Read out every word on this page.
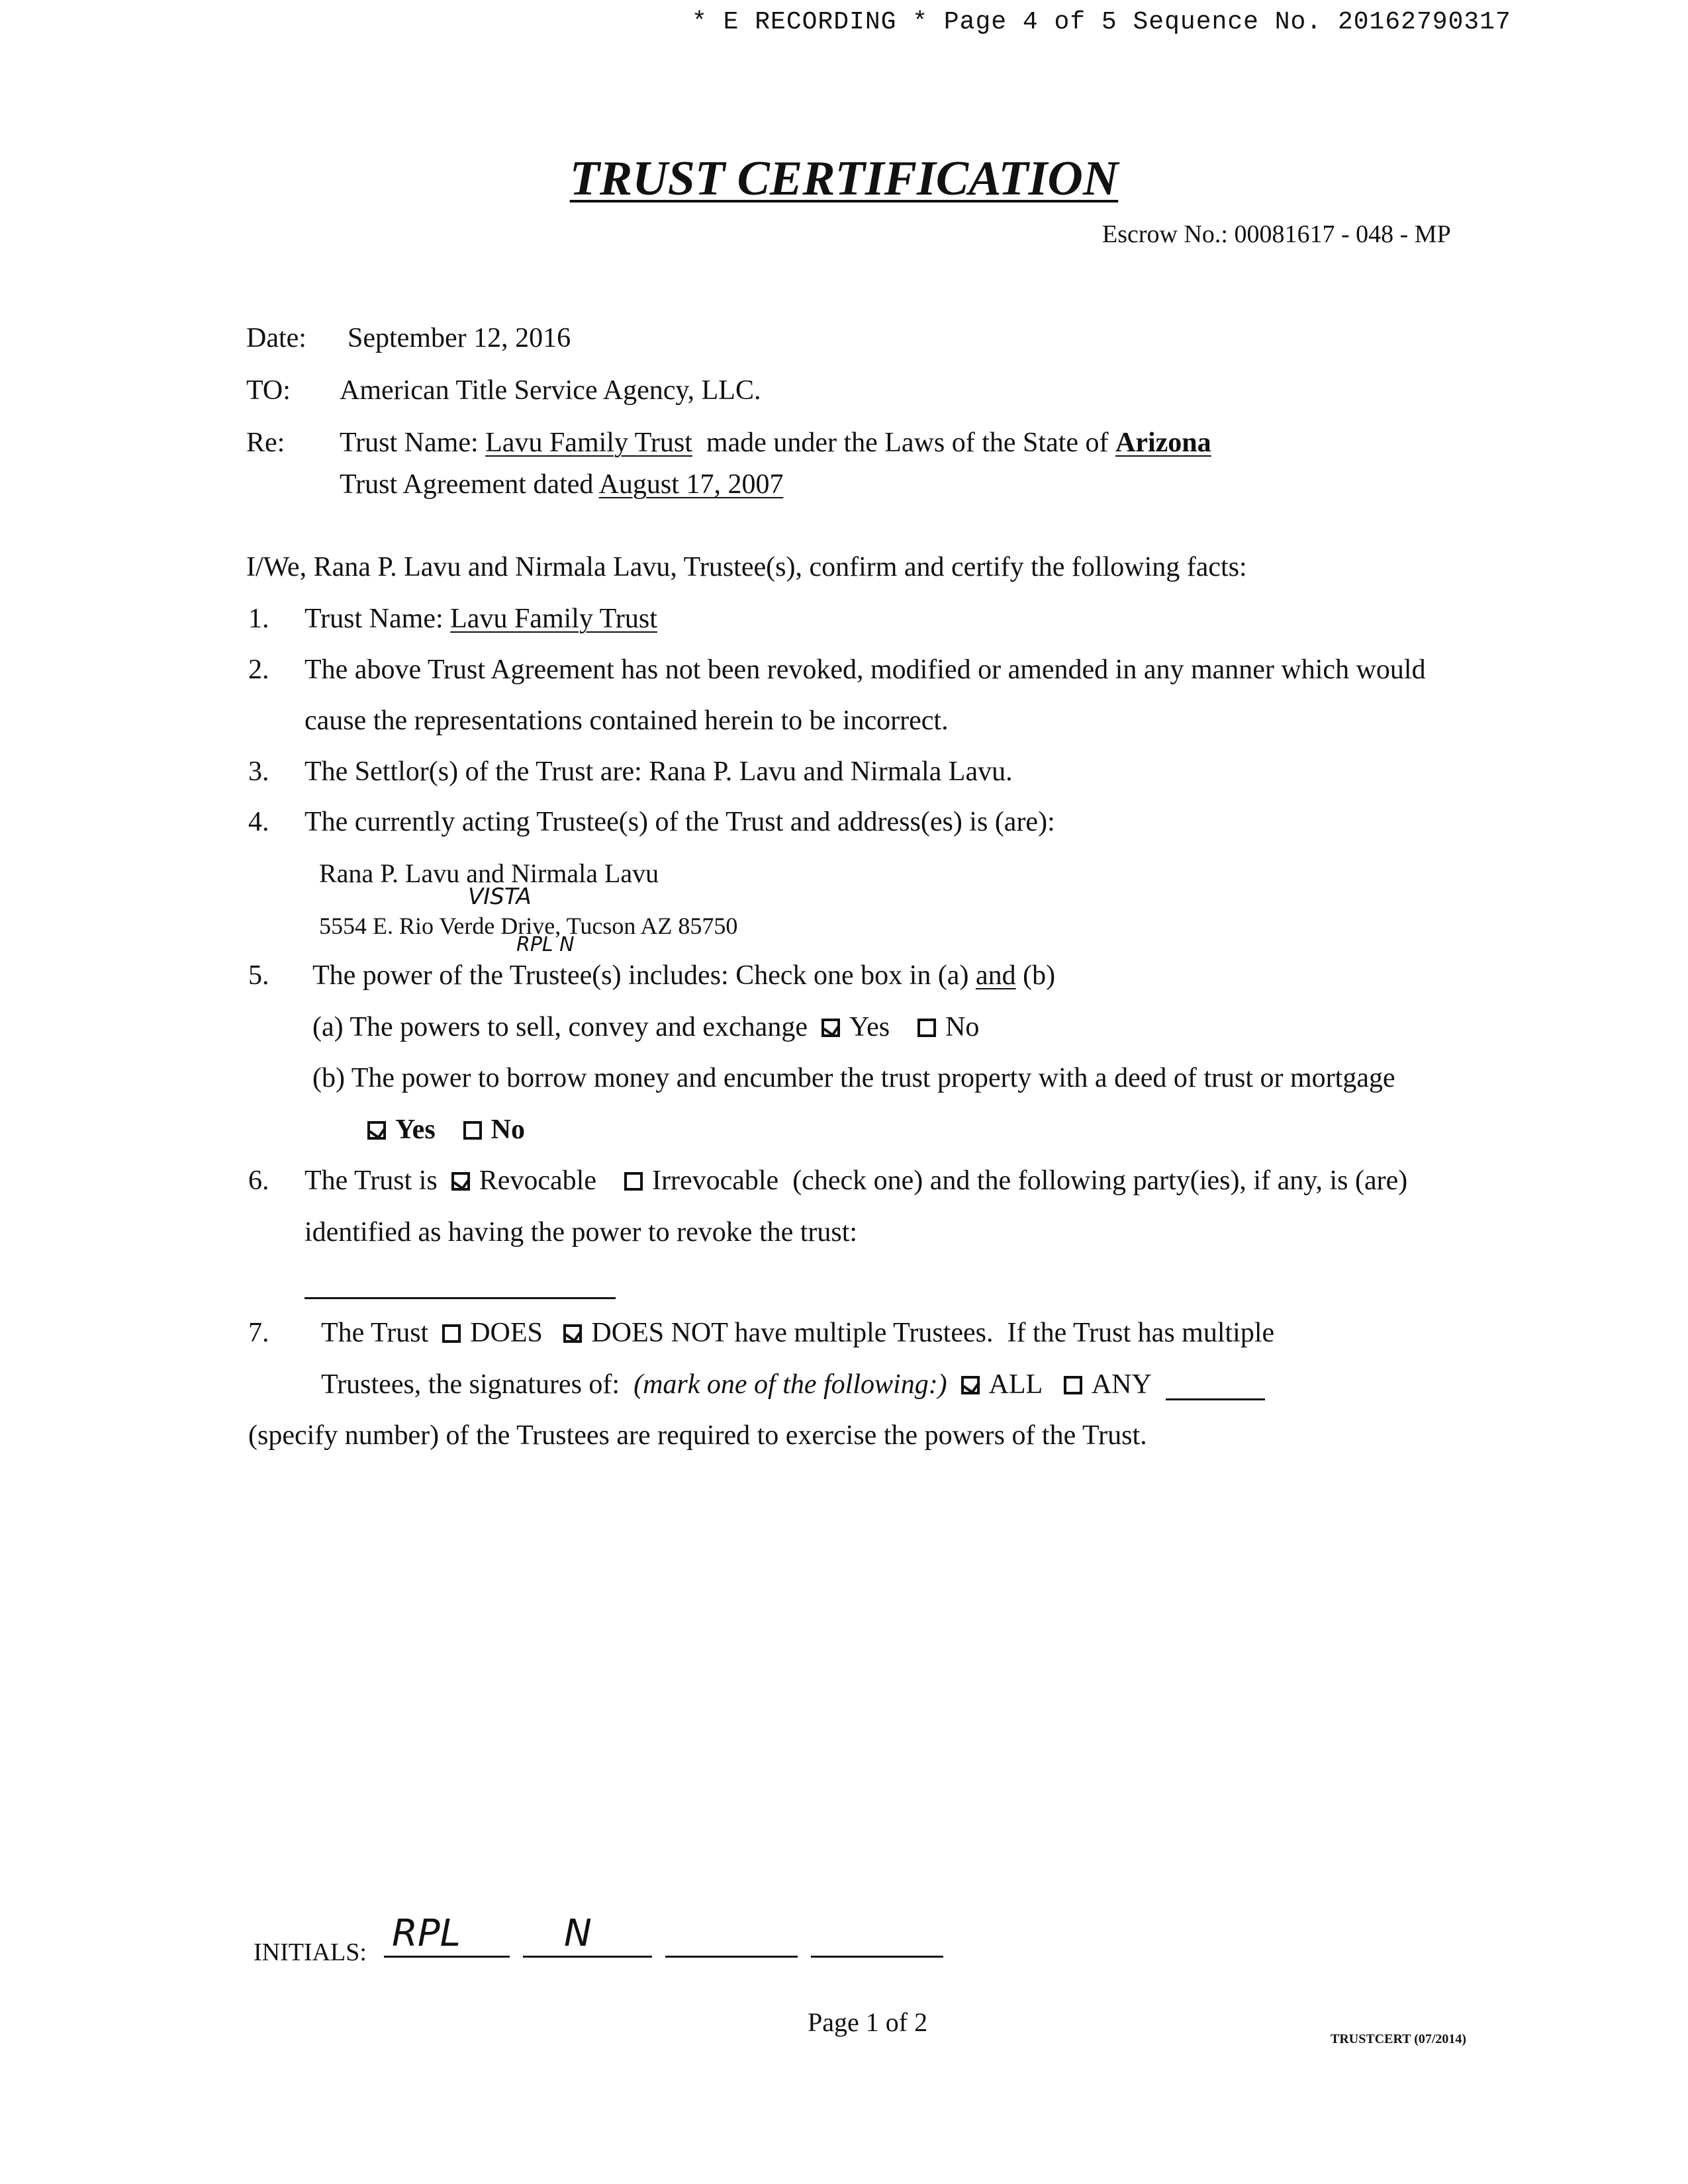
* E RECORDING * Page 4 of 5 Sequence No. 20162790317
TRUST CERTIFICATION
Escrow No.: 00081617 - 048 - MP
Date: September 12, 2016
TO: American Title Service Agency, LLC.
Re: Trust Name: Lavu Family Trust made under the Laws of the State of Arizona
Trust Agreement dated August 17, 2007
I/We, Rana P. Lavu and Nirmala Lavu, Trustee(s), confirm and certify the following facts:
1. Trust Name: Lavu Family Trust
2. The above Trust Agreement has not been revoked, modified or amended in any manner which would
cause the representations contained herein to be incorrect.
3. The Settlor(s) of the Trust are: Rana P. Lavu and Nirmala Lavu.
4. The currently acting Trustee(s) of the Trust and address(es) is (are):
Rana P. Lavu and Nirmala Lavu
VISTA
5554 E. Rio Verde Drive, Tucson AZ 85750
RPL N
5. The power of the Trustee(s) includes: Check one box in (a) and (b)
(a) The powers to sell, convey and exchange Yes No
(b) The power to borrow money and encumber the trust property with a deed of trust or mortgage
Yes No
6. The Trust is Revocable Irrevocable (check one) and the following party(ies), if any, is (are)
identified as having the power to revoke the trust:
7. The Trust DOES DOES NOT have multiple Trustees. If the Trust has multiple
Trustees, the signatures of: (mark one of the following:) ALL ANY
(specify number) of the Trustees are required to exercise the powers of the Trust.
INITIALS: RPL	N
Page 1 of 2
TRUSTCERT (07/2014)
